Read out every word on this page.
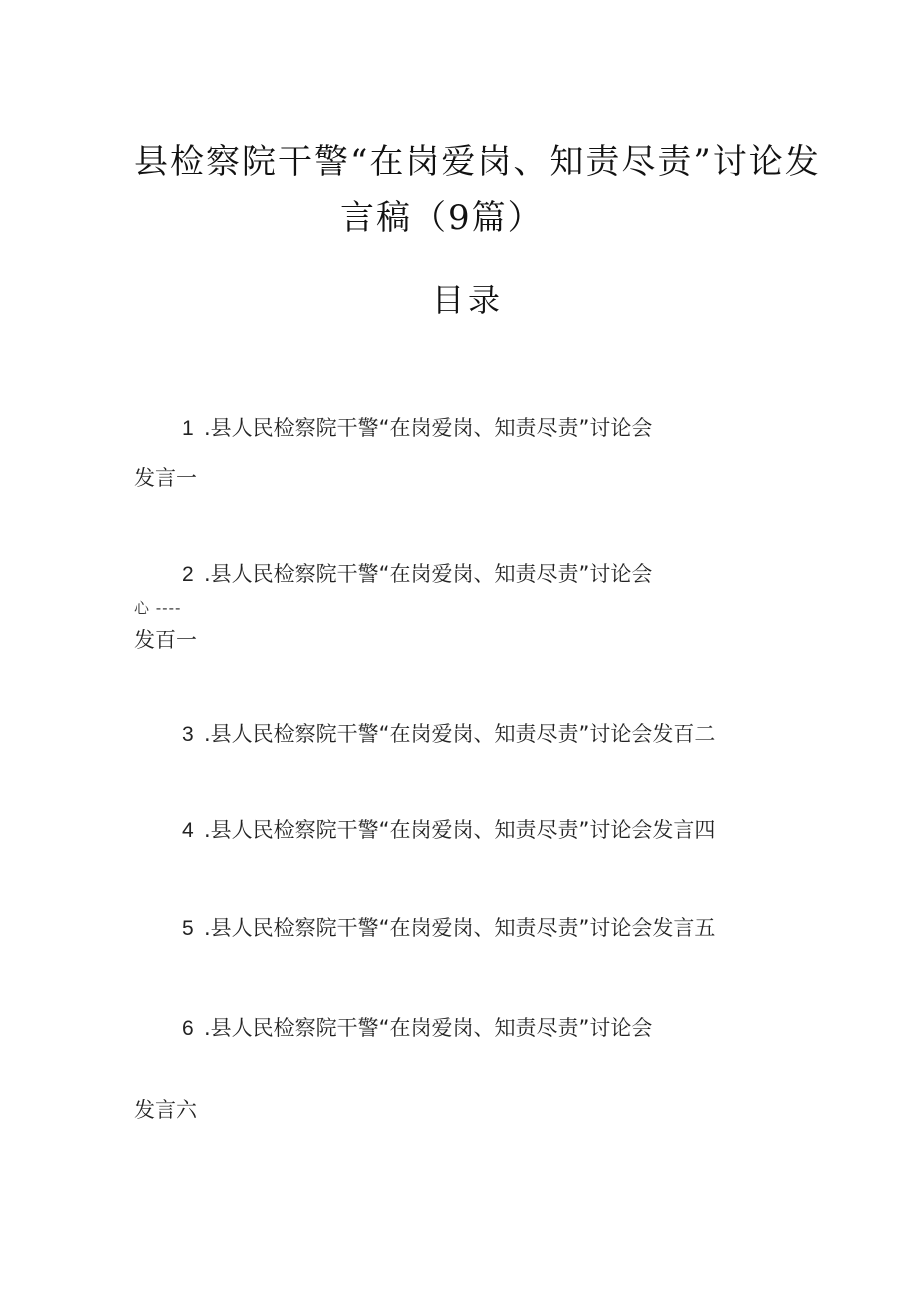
县检察院干警“在岗爱岗、知责尽责”讨论发
言稿（9篇）
目录
1 .县人民检察院干警“在岗爱岗、知责尽责”讨论会
发言一
2 .县人民检察院干警“在岗爱岗、知责尽责”讨论会
心 ----
发百一
3 .县人民检察院干警“在岗爱岗、知责尽责”讨论会发百二
4 .县人民检察院干警“在岗爱岗、知责尽责”讨论会发言四
5 .县人民检察院干警“在岗爱岗、知责尽责”讨论会发言五
6 .县人民检察院干警“在岗爱岗、知责尽责”讨论会
发言六
